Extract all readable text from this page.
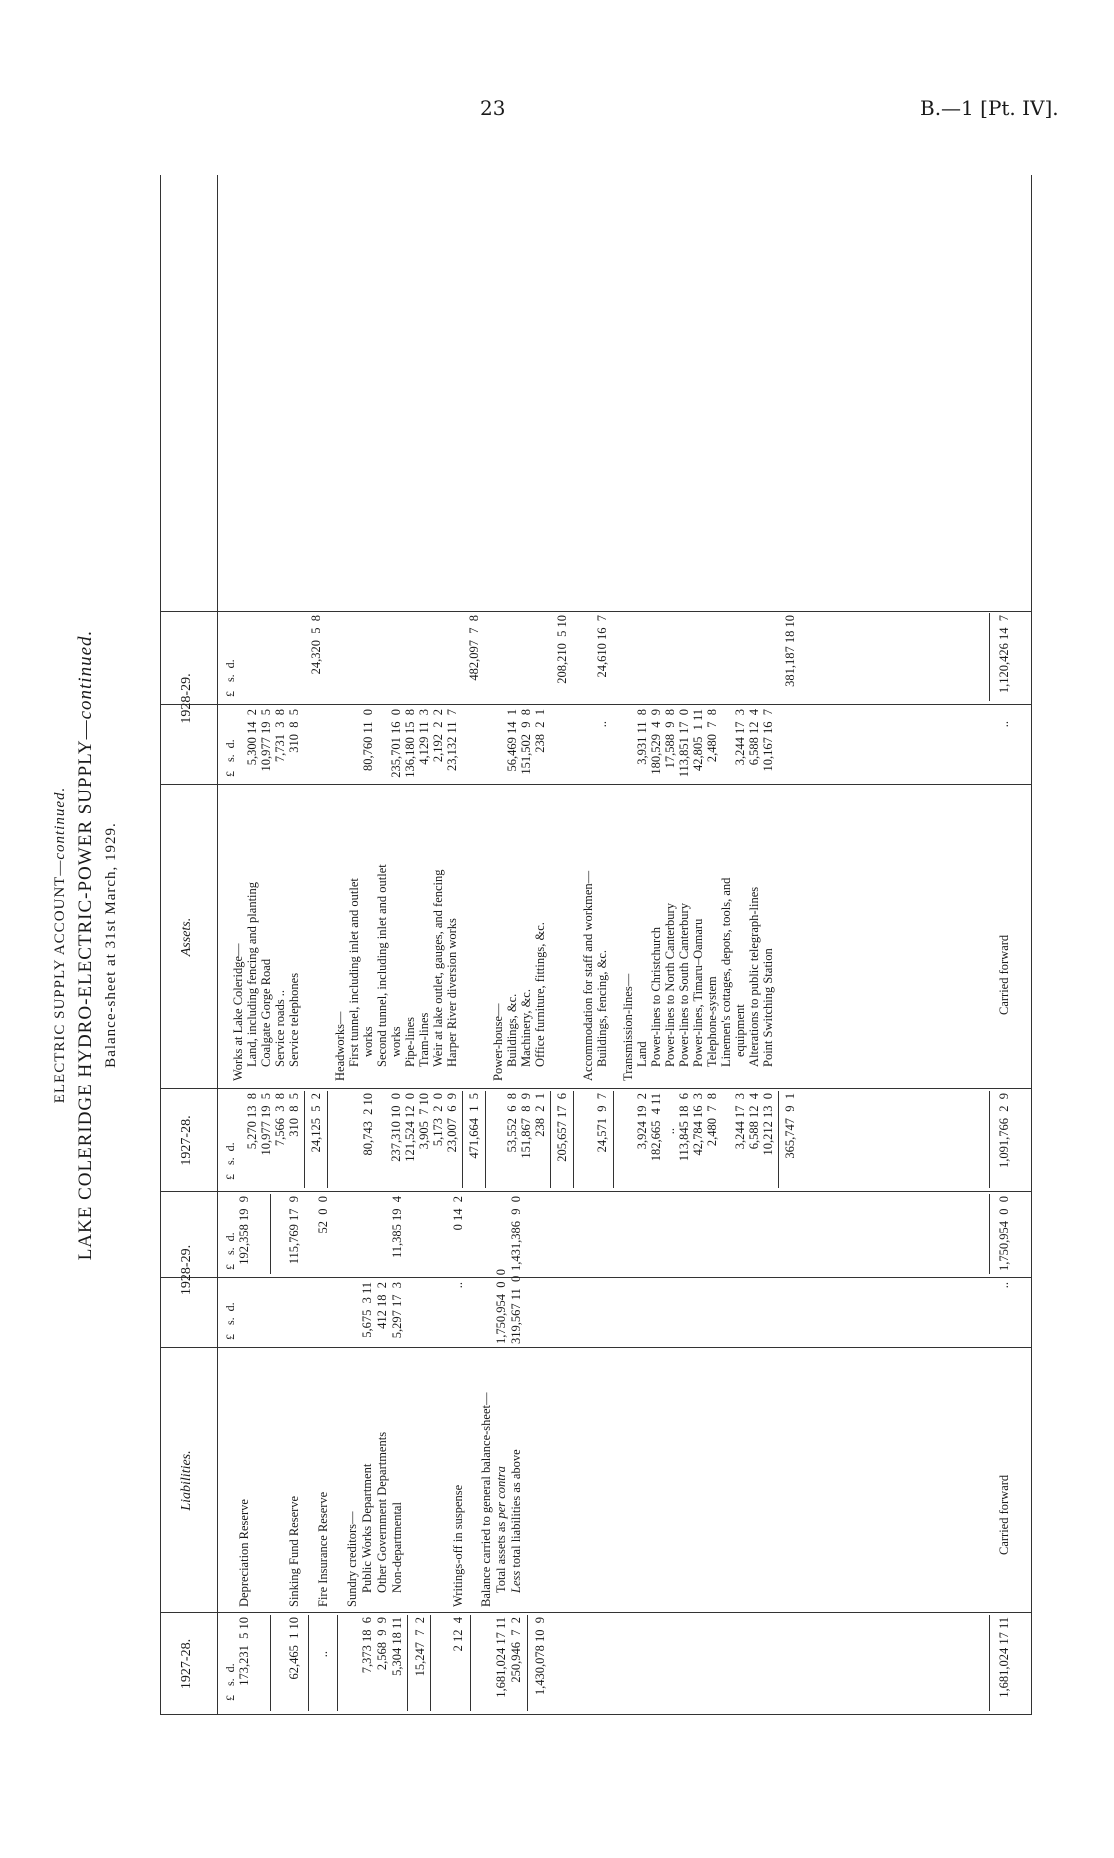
23	B.—1 [Pt. IV].
ELECTRIC SUPPLY ACCOUNT—continued. LAKE COLERIDGE HYDRO-ELECTRIC-POWER SUPPLY—continued.
Balance-sheet at 31st March, 1929.
1927-28.
Liabilities.
1928-29.
1927-28.
Assets.
1928-29.
£   s.  d.
£   s.  d.
£   s.  d.
£   s.  d.
£   s.  d.
£   s.  d.
173,231  5 10
Depreciation Reserve
192,358 19  9
62,465  1 10
Sinking Fund Reserve
115,769 17  9
..
Fire Insurance Reserve
52  0  0
Sundry creditors—
7,373 18  6
Public Works Department
5,675  3 11
2,568  9  9
Other Government Departments
412 18  2
5,304 18 11
Non-departmental
5,297 17  3
11,385 19  4
15,247  7  2 2 12  4
Writings-off in suspense
..
0 14  2
Balance carried to general balance-sheet—
1,681,024 17 11
Total assets as per contra
1,750,954  0  0
250,946  7  2
Less total liabilities as above
319,567 11  0
1,431,386  9  0
1,430,078 10  9	1,681,024 17 11
Carried forward
..
1,750,954  0  0
Works at Lake Coleridge—
5,270 13  8
Land, including fencing and planting
5,300 14  2
10,977 19  5
Coalgate Gorge Road
10,977 19  5
7,566  3  8
Service roads ..
7,731  3  8
310  8  5
Service telephones
310  8  5
24,125  5  2
24,320  5  8
Headworks— First tunnel, including inlet and outlet
80,743  2 10
works
80,760 11  0
Second tunnel, including inlet and outlet
237,310 10  0
works
235,701 16  0
121,524 12  0
Pipe-lines
136,180 15  8
3,905  7 10
Tram-lines
4,129 11  3
5,173  2  0
Weir at lake outlet, gauges, and fencing
2,192  2  2
23,007  6  9
Harper River diversion works
23,132 11  7
471,664  1  5
482,097  7  8
Power-house—
53,552  6  8
Buildings, &c.
56,469 14  1
151,867  8  9
Machinery, &c.
151,502  9  8
238  2  1
Office furniture, fittings, &c.
238  2  1
205,657 17  6
208,210  5 10
Accommodation for staff and workmen—
24,571  9  7
Buildings, fencing, &c.
..
24,610 16  7
Transmission-lines—
3,924 19  2
Land
3,931 11  8
182,665  4 11
Power-lines to Christchurch
180,529  4  9
..
Power-lines to North Canterbury
17,588  9  8
113,845 18  6
Power-lines to South Canterbury
113,851 17  0
42,784 16  3
Power-lines, Timaru–Oamaru
42,805  1 11
2,480  7  8
Telephone-system
2,480  7  8
Linemen's cottages, depots, tools, and
3,244 17  3
equipment
3,244 17  3
6,588 12  4
Alterations to public telegraph-lines
6,588 12  4
10,212 13  0
Point Switching Station
10,167 16  7
365,747  9  1
381,187 18 10
1,091,766  2  9
Carried forward
..
1,120,426 14  7
